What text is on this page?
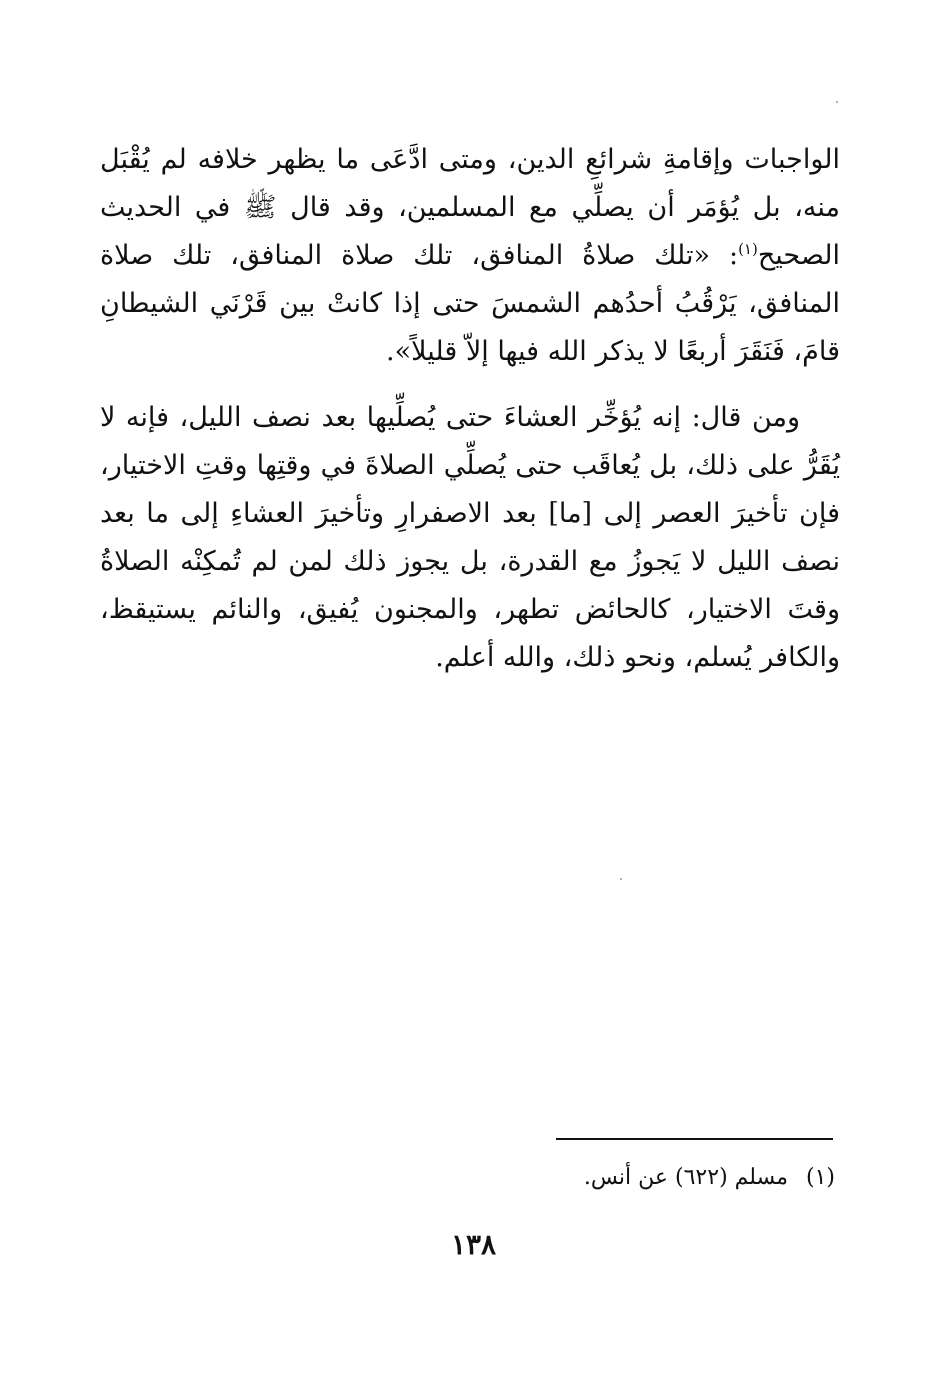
الواجبات وإقامةِ شرائعِ الدين، ومتى ادَّعَى ما يظهر خلافه لم يُقْبَل منه، بل يُؤمَر أن يصلِّي مع المسلمين، وقد قال ﷺ في الحديث الصحيح$^{(١)}$: «تلك صلاةُ المنافق، تلك صلاة المنافق، تلك صلاة المنافق، يَرْقُبُ أحدُهم الشمسَ حتى إذا كانتْ بين قَرْنَي الشيطانِ قامَ، فَنَقَرَ أربعًا لا يذكر الله فيها إلاّ قليلاً».

ومن قال: إنه يُؤخِّر العشاءَ حتى يُصلِّيها بعد نصف الليل، فإنه لا يُقَرُّ على ذلك، بل يُعاقَب حتى يُصلِّي الصلاةَ في وقتِها وقتِ الاختيار، فإن تأخيرَ العصر إلى [ما] بعد الاصفرارِ وتأخيرَ العشاءِ إلى ما بعد نصف الليل لا يَجوزُ مع القدرة، بل يجوز ذلك لمن لم تُمكِنْه الصلاةُ وقتَ الاختيار، كالحائض تطهر، والمجنون يُفيق، والنائم يستيقظ، والكافر يُسلم، ونحو ذلك، والله أعلم.

(١)مسلم (٦٢٢) عن أنس.
١٣٨
